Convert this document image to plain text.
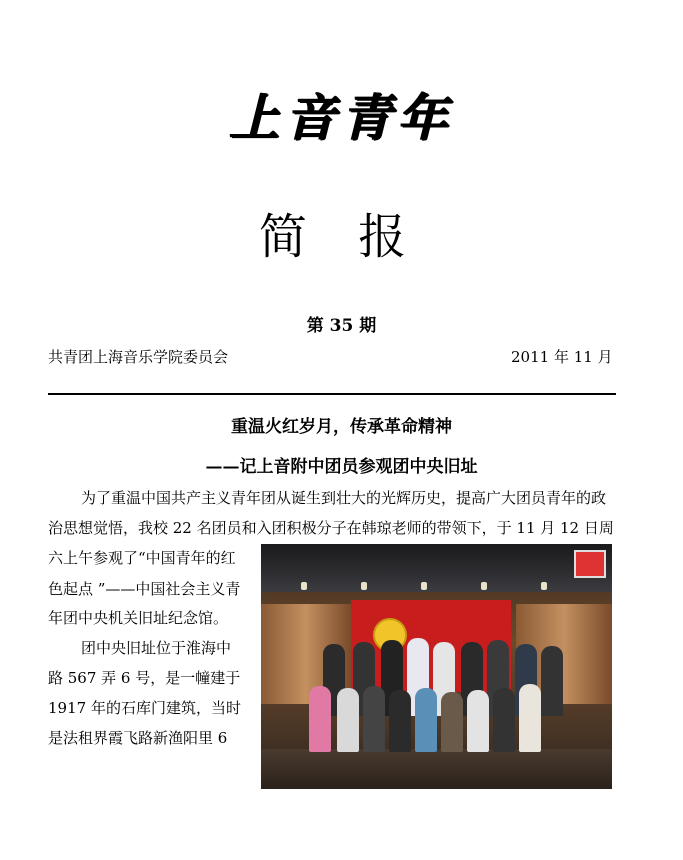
上音青年
简 报
第 35 期
共青团上海音乐学院委员会	2011 年 11 月
重温火红岁月，传承革命精神
——记上音附中团员参观团中央旧址
为了重温中国共产主义青年团从诞生到壮大的光辉历史，提高广大团员青年的政
治思想觉悟，我校 22 名团员和入团积极分子在韩琼老师的带领下，于 11 月 12 日周
六上午参观了“中国青年的红
色起点 ”——中国社会主义青
年团中央机关旧址纪念馆。
团中央旧址位于淮海中
路 567 弄 6 号，是一幢建于
1917 年的石库门建筑，当时
是法租界霞飞路新渔阳里 6
